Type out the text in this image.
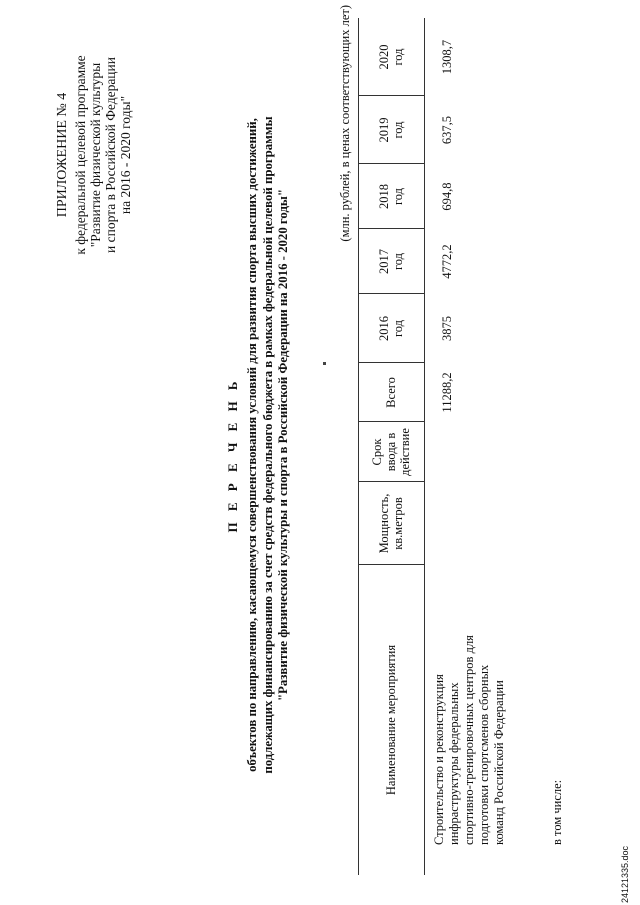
ПРИЛОЖЕНИЕ № 4 к федеральной целевой программе "Развитие физической культуры и спорта в Российской Федерации на 2016 - 2020 годы"
П Е Р Е Ч Е Н Ь объектов по направлению, касающемуся совершенствования условий для развития спорта высших достижений, подлежащих финансированию за счет средств федерального бюджета в рамках федеральной целевой программы "Развитие физической культуры и спорта в Российской Федерации на 2016 - 2020 годы"
(млн. рублей, в ценах соответствующих лет)
Наименование мероприятия
Мощность, кв.метров
Срок ввода в действие
Всего
2016 год
2017 год
2018 год
2019 год
2020 год
Строительство и реконструкция инфраструктуры федеральных спортивно-тренировочных центров для подготовки спортсменов сборных команд Российской Федерации
11288,2
3875
4772,2
694,8
637,5
1308,7
в том числе:
24121335.doc
